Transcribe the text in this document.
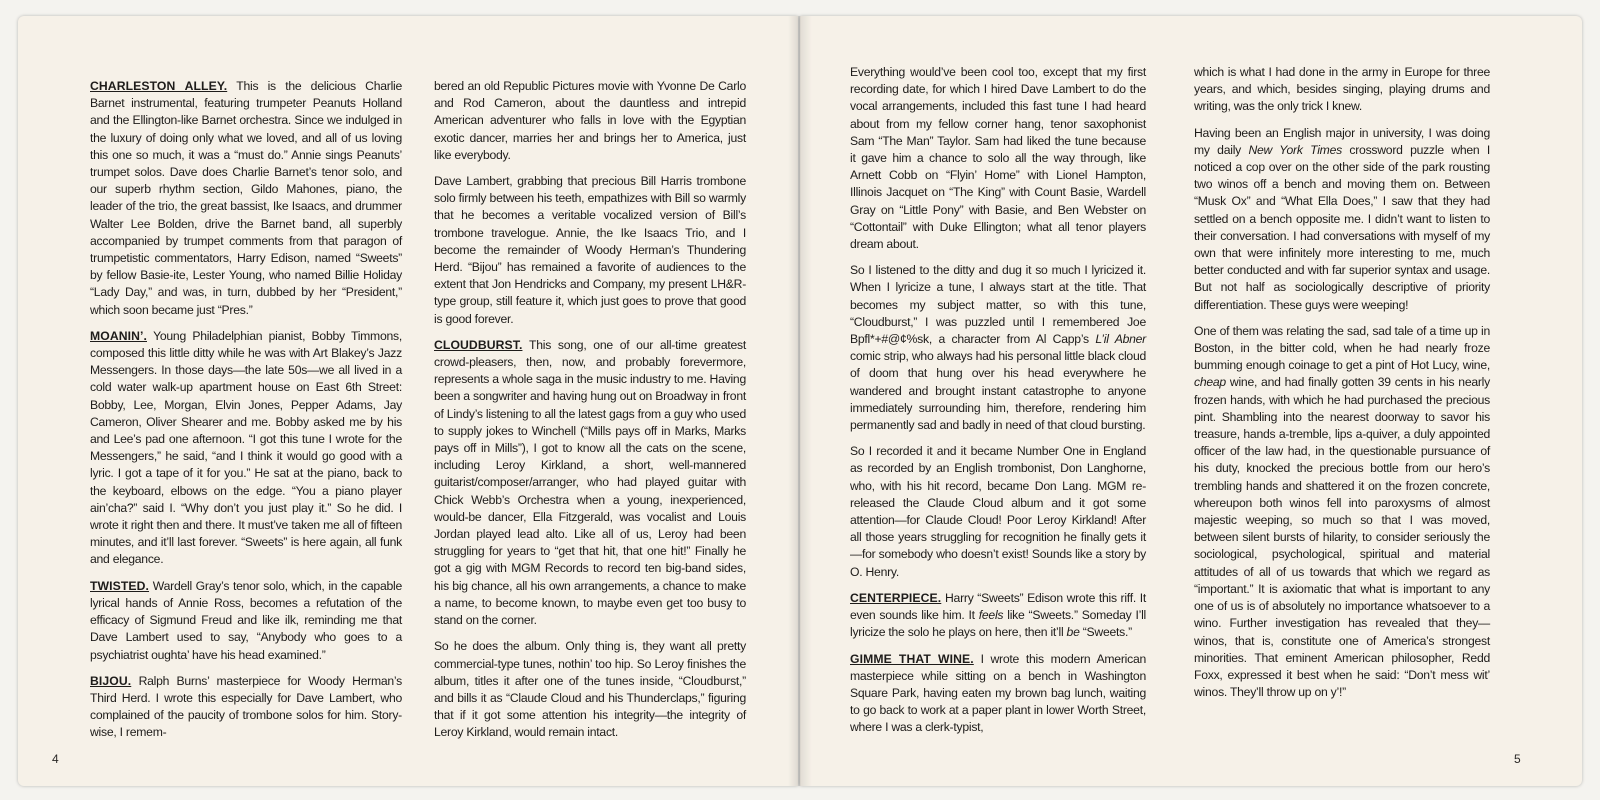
CHARLESTON ALLEY. This is the delicious Charlie Barnet instrumental, featuring trumpeter Peanuts Holland and the Ellington-like Barnet orchestra. Since we indulged in the luxury of doing only what we loved, and all of us loving this one so much, it was a “must do.” Annie sings Peanuts’ trumpet solos. Dave does Charlie Barnet’s tenor solo, and our superb rhythm section, Gildo Mahones, piano, the leader of the trio, the great bassist, Ike Isaacs, and drummer Walter Lee Bolden, drive the Barnet band, all superbly accompanied by trumpet comments from that paragon of trumpetistic commentators, Harry Edison, named “Sweets” by fellow Basie-ite, Lester Young, who named Billie Holiday “Lady Day,” and was, in turn, dubbed by her “President,” which soon became just “Pres.”

MOANIN’. Young Philadelphian pianist, Bobby Timmons, composed this little ditty while he was with Art Blakey’s Jazz Messengers. In those days—the late 50s—we all lived in a cold water walk-up apartment house on East 6th Street: Bobby, Lee, Morgan, Elvin Jones, Pepper Adams, Jay Cameron, Oliver Shearer and me. Bobby asked me by his and Lee’s pad one afternoon. “I got this tune I wrote for the Messengers,” he said, “and I think it would go good with a lyric. I got a tape of it for you.” He sat at the piano, back to the keyboard, elbows on the edge. “You a piano player ain’cha?” said I. “Why don’t you just play it.” So he did. I wrote it right then and there. It must’ve taken me all of fifteen minutes, and it’ll last forever. “Sweets” is here again, all funk and elegance.

TWISTED. Wardell Gray’s tenor solo, which, in the capable lyrical hands of Annie Ross, becomes a refutation of the efficacy of Sigmund Freud and like ilk, reminding me that Dave Lambert used to say, “Anybody who goes to a psychiatrist oughta’ have his head examined.”

BIJOU. Ralph Burns’ masterpiece for Woody Herman’s Third Herd. I wrote this especially for Dave Lambert, who complained of the paucity of trombone solos for him. Story-wise, I remem-

bered an old Republic Pictures movie with Yvonne De Carlo and Rod Cameron, about the dauntless and intrepid American adventurer who falls in love with the Egyptian exotic dancer, marries her and brings her to America, just like everybody.

Dave Lambert, grabbing that precious Bill Harris trombone solo firmly between his teeth, empathizes with Bill so warmly that he becomes a veritable vocalized version of Bill’s trombone travelogue. Annie, the Ike Isaacs Trio, and I become the remainder of Woody Herman’s Thundering Herd. “Bijou” has remained a favorite of audiences to the extent that Jon Hendricks and Company, my present LH&R-type group, still feature it, which just goes to prove that good is good forever.

CLOUDBURST. This song, one of our all-time greatest crowd-pleasers, then, now, and probably forevermore, represents a whole saga in the music industry to me. Having been a songwriter and having hung out on Broadway in front of Lindy’s listening to all the latest gags from a guy who used to supply jokes to Winchell (“Mills pays off in Marks, Marks pays off in Mills”), I got to know all the cats on the scene, including Leroy Kirkland, a short, well-mannered guitarist/composer/arranger, who had played guitar with Chick Webb’s Orchestra when a young, inexperienced, would-be dancer, Ella Fitzgerald, was vocalist and Louis Jordan played lead alto. Like all of us, Leroy had been struggling for years to “get that hit, that one hit!” Finally he got a gig with MGM Records to record ten big-band sides, his big chance, all his own arrangements, a chance to make a name, to become known, to maybe even get too busy to stand on the corner.

So he does the album. Only thing is, they want all pretty commercial-type tunes, nothin’ too hip. So Leroy finishes the album, titles it after one of the tunes inside, “Cloudburst,” and bills it as “Claude Cloud and his Thunderclaps,” figuring that if it got some attention his integrity—the integrity of Leroy Kirkland, would remain intact.

Everything would’ve been cool too, except that my first recording date, for which I hired Dave Lambert to do the vocal arrangements, included this fast tune I had heard about from my fellow corner hang, tenor saxophonist Sam “The Man” Taylor. Sam had liked the tune because it gave him a chance to solo all the way through, like Arnett Cobb on “Flyin’ Home” with Lionel Hampton, Illinois Jacquet on “The King” with Count Basie, Wardell Gray on “Little Pony” with Basie, and Ben Webster on “Cottontail” with Duke Ellington; what all tenor players dream about.

So I listened to the ditty and dug it so much I lyricized it. When I lyricize a tune, I always start at the title. That becomes my subject matter, so with this tune, “Cloudburst,” I was puzzled until I remembered Joe Bpfl*+#@¢%sk, a character from Al Capp’s L’il Abner comic strip, who always had his personal little black cloud of doom that hung over his head everywhere he wandered and brought instant catastrophe to anyone immediately surrounding him, therefore, rendering him permanently sad and badly in need of that cloud bursting.

So I recorded it and it became Number One in England as recorded by an English trombonist, Don Langhorne, who, with his hit record, became Don Lang. MGM re-released the Claude Cloud album and it got some attention—for Claude Cloud! Poor Leroy Kirkland! After all those years struggling for recognition he finally gets it—for somebody who doesn’t exist! Sounds like a story by O. Henry.

CENTERPIECE. Harry “Sweets” Edison wrote this riff. It even sounds like him. It feels like “Sweets.” Someday I’ll lyricize the solo he plays on here, then it’ll be “Sweets.”

GIMME THAT WINE. I wrote this modern American masterpiece while sitting on a bench in Washington Square Park, having eaten my brown bag lunch, waiting to go back to work at a paper plant in lower Worth Street, where I was a clerk-typist,

which is what I had done in the army in Europe for three years, and which, besides singing, playing drums and writing, was the only trick I knew.

Having been an English major in university, I was doing my daily New York Times crossword puzzle when I noticed a cop over on the other side of the park rousting two winos off a bench and moving them on. Between “Musk Ox” and “What Ella Does,” I saw that they had settled on a bench opposite me. I didn’t want to listen to their conversation. I had conversations with myself of my own that were infinitely more interesting to me, much better conducted and with far superior syntax and usage. But not half as sociologically descriptive of priority differentiation. These guys were weeping!

One of them was relating the sad, sad tale of a time up in Boston, in the bitter cold, when he had nearly froze bumming enough coinage to get a pint of Hot Lucy, wine, cheap wine, and had finally gotten 39 cents in his nearly frozen hands, with which he had purchased the precious pint. Shambling into the nearest doorway to savor his treasure, hands a-tremble, lips a-quiver, a duly appointed officer of the law had, in the questionable pursuance of his duty, knocked the precious bottle from our hero’s trembling hands and shattered it on the frozen concrete, whereupon both winos fell into paroxysms of almost majestic weeping, so much so that I was moved, between silent bursts of hilarity, to consider seriously the sociological, psychological, spiritual and material attitudes of all of us towards that which we regard as “important.” It is axiomatic that what is important to any one of us is of absolutely no importance whatsoever to a wino. Further investigation has revealed that they—winos, that is, constitute one of America’s strongest minorities. That eminent American philosopher, Redd Foxx, expressed it best when he said: “Don’t mess wit’ winos. They’ll throw up on y’!”

4	5
